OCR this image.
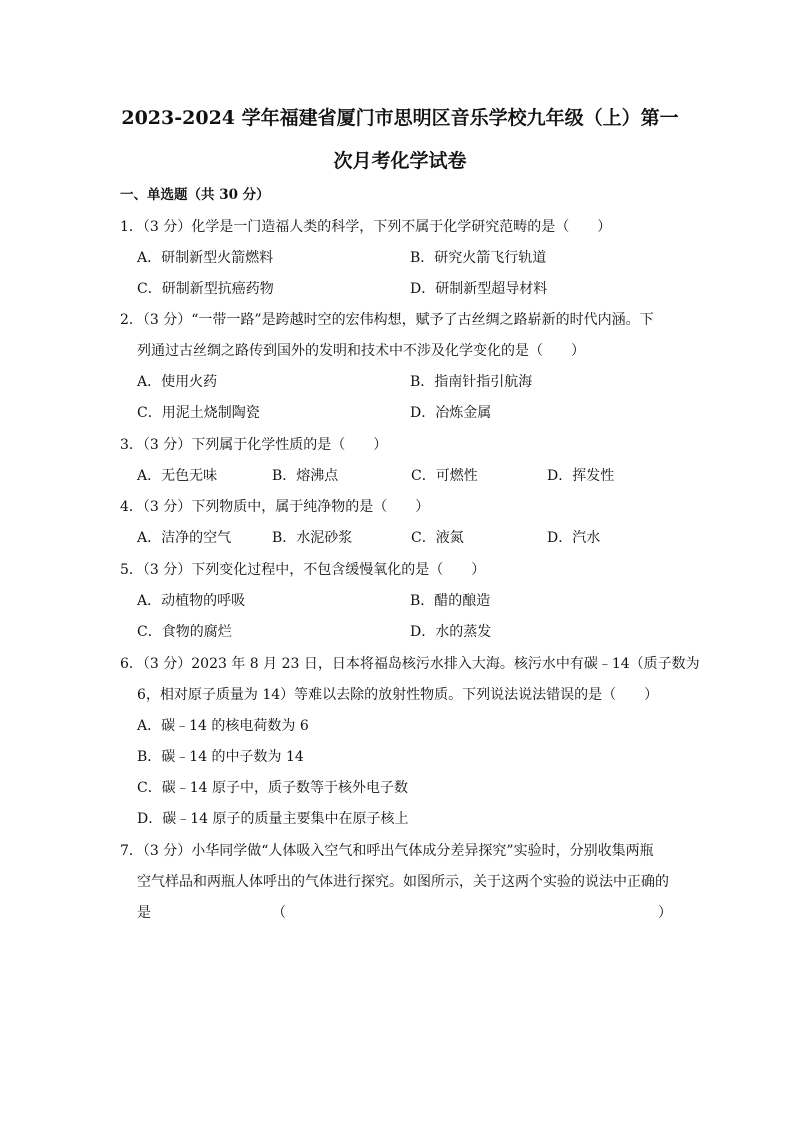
2023-2024 学年福建省厦门市思明区音乐学校九年级（上）第一
次月考化学试卷
一、单选题（共 30 分）
1．（3 分）化学是一门造福人类的科学，下列不属于化学研究范畴的是（　　）
A．研制新型火箭燃料	B．研究火箭飞行轨道
C．研制新型抗癌药物	D．研制新型超导材料
2．（3 分）“一带一路”是跨越时空的宏伟构想，赋予了古丝绸之路崭新的时代内涵。下
列通过古丝绸之路传到国外的发明和技术中不涉及化学变化的是（　　）
A．使用火药	B．指南针指引航海
C．用泥土烧制陶瓷	D．冶炼金属
3．（3 分）下列属于化学性质的是（　　）
A．无色无味	B．熔沸点	C．可燃性	D．挥发性
4．（3 分）下列物质中，属于纯净物的是（　　）
A．洁净的空气	B．水泥砂浆	C．液氮	D．汽水
5．（3 分）下列变化过程中，不包含缓慢氧化的是（　　）
A．动植物的呼吸	B．醋的酿造
C．食物的腐烂	D．水的蒸发
6．（3 分）2023 年 8 月 23 日，日本将福岛核污水排入大海。核污水中有碳﹣14（质子数为
6，相对原子质量为 14）等难以去除的放射性物质。下列说法说法错误的是（　　）
A．碳﹣14 的核电荷数为 6
B．碳﹣14 的中子数为 14
C．碳﹣14 原子中，质子数等于核外电子数
D．碳﹣14 原子的质量主要集中在原子核上
7．（3 分）小华同学做“人体吸入空气和呼出气体成分差异探究”实验时，分别收集两瓶
空气样品和两瓶人体呼出的气体进行探究。如图所示，关于这两个实验的说法中正确的
是	（	）
